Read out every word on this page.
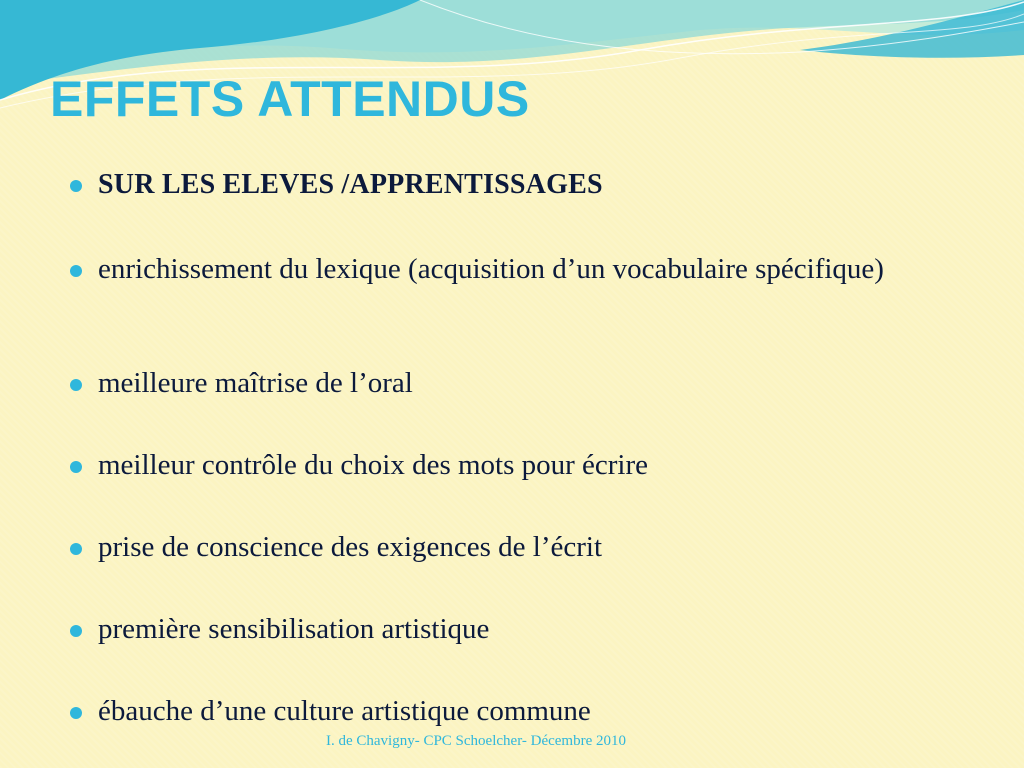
EFFETS ATTENDUS
SUR LES ELEVES /APPRENTISSAGES
enrichissement du lexique (acquisition d’un vocabulaire spécifique)
meilleure maîtrise de l’oral
meilleur contrôle du choix des mots pour écrire
prise de conscience des exigences de l’écrit
première sensibilisation artistique
ébauche d’une culture artistique commune
I. de Chavigny- CPC Schoelcher- Décembre 2010
